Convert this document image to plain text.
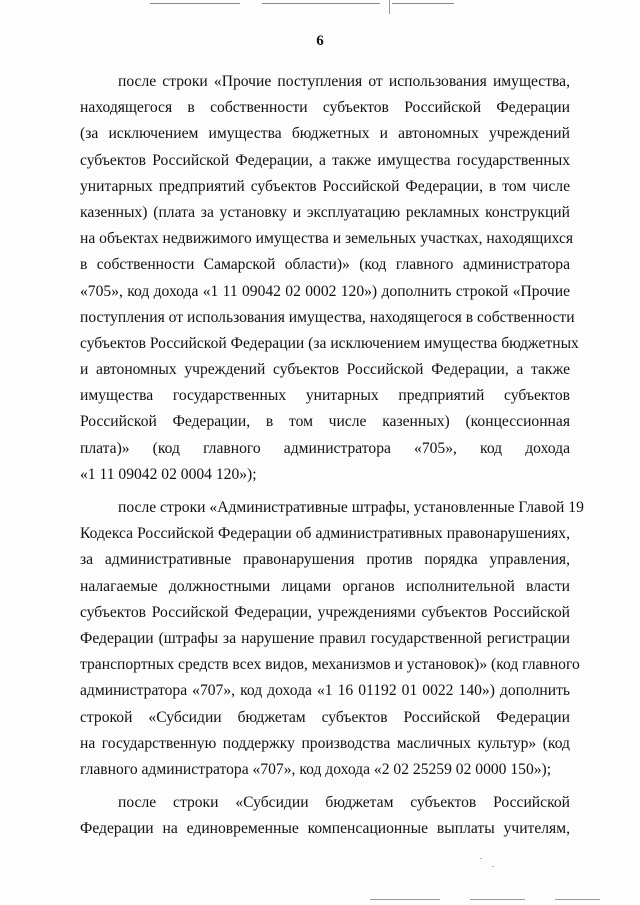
6
после строки «Прочие поступления от использования имущества,
находящегося в собственности субъектов Российской Федерации
(за исключением имущества бюджетных и автономных учреждений
субъектов Российской Федерации, а также имущества государственных
унитарных предприятий субъектов Российской Федерации, в том числе
казенных) (плата за установку и эксплуатацию рекламных конструкций
на объектах недвижимого имущества и земельных участках, находящихся
в собственности Самарской области)» (код главного администратора
«705», код дохода «1 11 09042 02 0002 120») дополнить строкой «Прочие
поступления от использования имущества, находящегося в собственности
субъектов Российской Федерации (за исключением имущества бюджетных
и автономных учреждений субъектов Российской Федерации, а также
имущества государственных унитарных предприятий субъектов
Российской Федерации, в том числе казенных) (концессионная
плата)» (код главного администратора «705», код дохода
«1 11 09042 02 0004 120»);
после строки «Административные штрафы, установленные Главой 19
Кодекса Российской Федерации об административных правонарушениях,
за административные правонарушения против порядка управления,
налагаемые должностными лицами органов исполнительной власти
субъектов Российской Федерации, учреждениями субъектов Российской
Федерации (штрафы за нарушение правил государственной регистрации
транспортных средств всех видов, механизмов и установок)» (код главного
администратора «707», код дохода «1 16 01192 01 0022 140») дополнить
строкой «Субсидии бюджетам субъектов Российской Федерации
на государственную поддержку производства масличных культур» (код
главного администратора «707», код дохода «2 02 25259 02 0000 150»);
после строки «Субсидии бюджетам субъектов Российской
Федерации на единовременные компенсационные выплаты учителям,
